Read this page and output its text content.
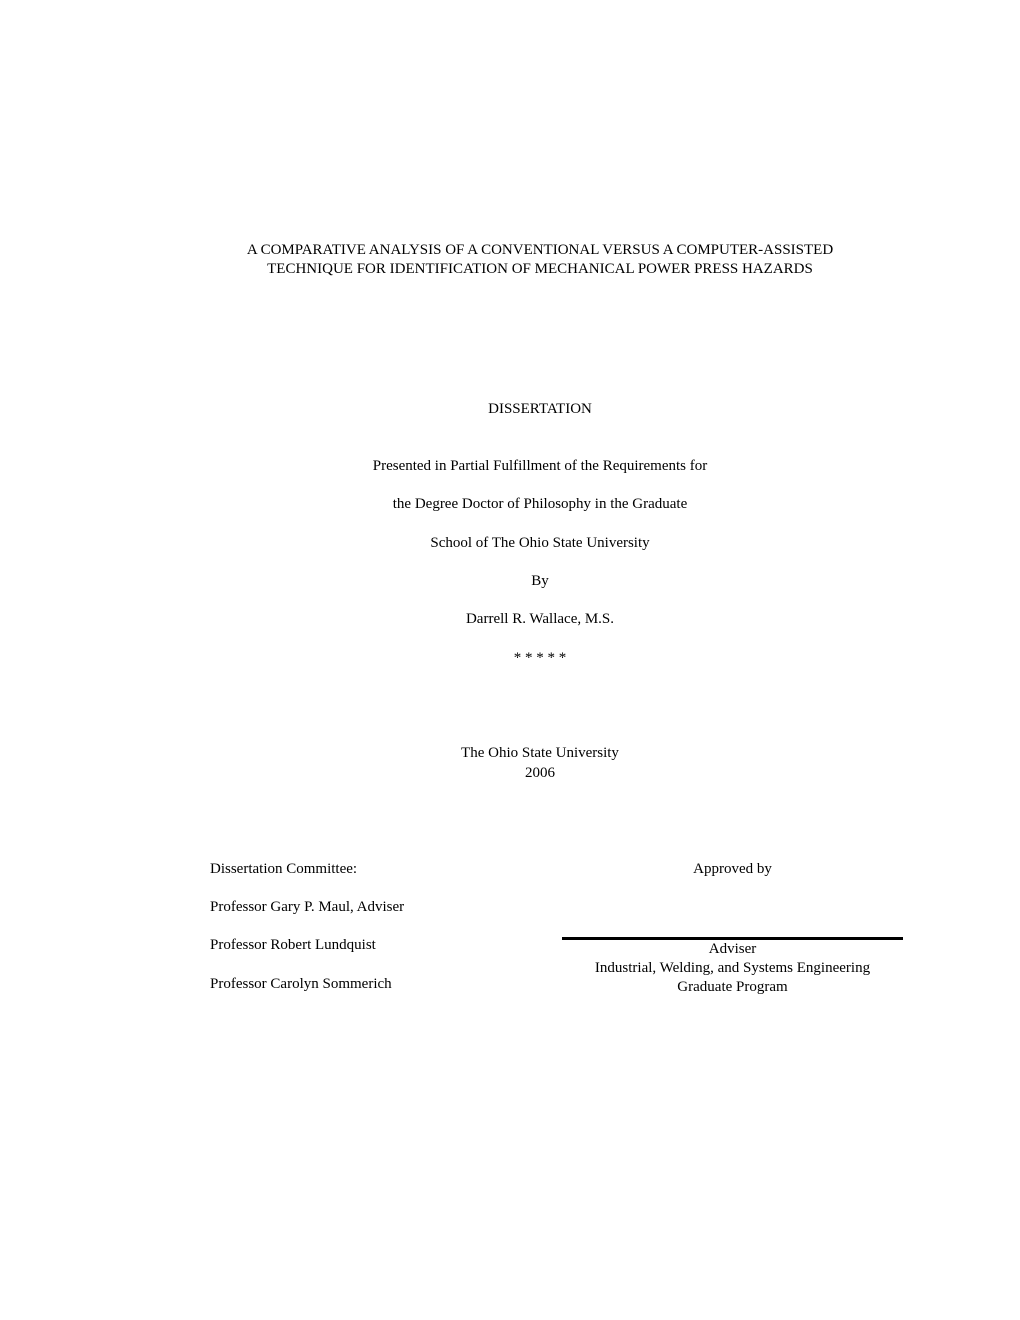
A COMPARATIVE ANALYSIS OF A CONVENTIONAL VERSUS A COMPUTER-ASSISTED
TECHNIQUE FOR IDENTIFICATION OF MECHANICAL POWER PRESS HAZARDS
DISSERTATION
Presented in Partial Fulfillment of the Requirements for
the Degree Doctor of Philosophy in the Graduate
School of The Ohio State University
By
Darrell R. Wallace, M.S.
* * * * *
The Ohio State University
2006
Dissertation Committee:
Professor Gary P. Maul, Adviser
Professor Robert Lundquist
Professor Carolyn Sommerich
Approved by
Adviser
Industrial, Welding, and Systems Engineering
Graduate Program
